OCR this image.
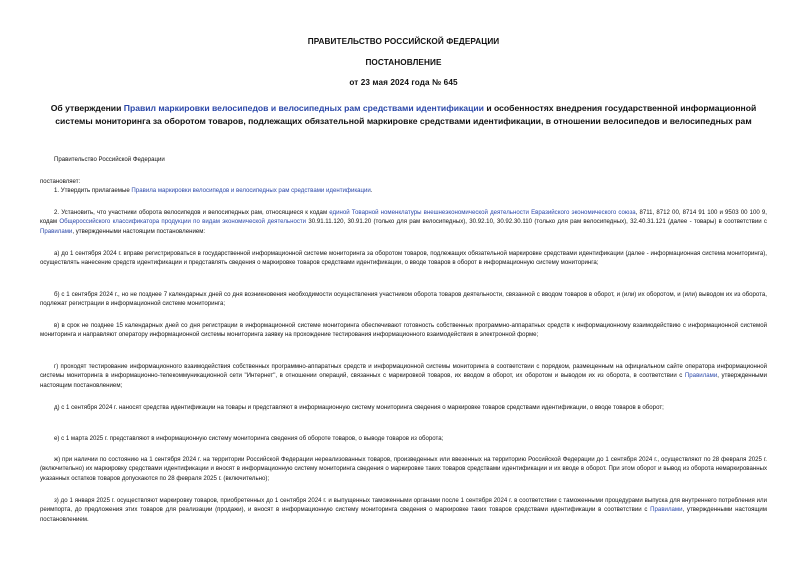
ПРАВИТЕЛЬСТВО РОССИЙСКОЙ ФЕДЕРАЦИИ
ПОСТАНОВЛЕНИЕ
от 23 мая 2024 года № 645
Об утверждении Правил маркировки велосипедов и велосипедных рам средствами идентификации и особенностях внедрения государственной информационной системы мониторинга за оборотом товаров, подлежащих обязательной маркировке средствами идентификации, в отношении велосипедов и велосипедных рам
Правительство Российской Федерации
постановляет:
1. Утвердить прилагаемые Правила маркировки велосипедов и велосипедных рам средствами идентификации.
2. Установить, что участники оборота велосипедов и велосипедных рам, относящиеся к кодам единой Товарной номенклатуры внешнеэкономической деятельности Евразийского экономического союза, 8711, 8712 00, 8714 91 100 и 9503 00 100 9, кодам Общероссийского классификатора продукции по видам экономической деятельности 30.91.11.120, 30.91.20 (только для рам велосипедных), 30.92.10, 30.92.30.110 (только для рам велосипедных), 32.40.31.121 (далее - товары) в соответствии с Правилами, утвержденными настоящим постановлением:
а) до 1 сентября 2024 г. вправе регистрироваться в государственной информационной системе мониторинга за оборотом товаров, подлежащих обязательной маркировке средствами идентификации (далее - информационная система мониторинга), осуществлять нанесение средств идентификации и представлять сведения о маркировке товаров средствами идентификации, о вводе товаров в оборот в информационную систему мониторинга;
б) с 1 сентября 2024 г., но не позднее 7 календарных дней со дня возникновения необходимости осуществления участником оборота товаров деятельности, связанной с вводом товаров в оборот, и (или) их оборотом, и (или) выводом их из оборота, подлежат регистрации в информационной системе мониторинга;
в) в срок не позднее 15 календарных дней со дня регистрации в информационной системе мониторинга обеспечивают готовность собственных программно-аппаратных средств к информационному взаимодействию с информационной системой мониторинга и направляют оператору информационной системы мониторинга заявку на прохождение тестирования информационного взаимодействия в электронной форме;
г) проходят тестирование информационного взаимодействия собственных программно-аппаратных средств и информационной системы мониторинга в соответствии с порядком, размещенным на официальном сайте оператора информационной системы мониторинга в информационно-телекоммуникационной сети "Интернет", в отношении операций, связанных с маркировкой товаров, их вводом в оборот, их оборотом и выводом их из оборота, в соответствии с Правилами, утвержденными настоящим постановлением;
д) с 1 сентября 2024 г. наносят средства идентификации на товары и представляют в информационную систему мониторинга сведения о маркировке товаров средствами идентификации, о вводе товаров в оборот;
е) с 1 марта 2025 г. представляют в информационную систему мониторинга сведения об обороте товаров, о выводе товаров из оборота;
ж) при наличии по состоянию на 1 сентября 2024 г. на территории Российской Федерации нереализованных товаров, произведенных или ввезенных на территорию Российской Федерации до 1 сентября 2024 г., осуществляют по 28 февраля 2025 г. (включительно) их маркировку средствами идентификации и вносят в информационную систему мониторинга сведения о маркировке таких товаров средствами идентификации и их вводе в оборот. При этом оборот и вывод из оборота немаркированных указанных остатков товаров допускаются по 28 февраля 2025 г. (включительно);
з) до 1 января 2025 г. осуществляют маркировку товаров, приобретенных до 1 сентября 2024 г. и выпущенных таможенными органами после 1 сентября 2024 г. в соответствии с таможенными процедурами выпуска для внутреннего потребления или реимпорта, до предложения этих товаров для реализации (продажи), и вносят в информационную систему мониторинга сведения о маркировке таких товаров средствами идентификации в соответствии с Правилами, утвержденными настоящим постановлением.
